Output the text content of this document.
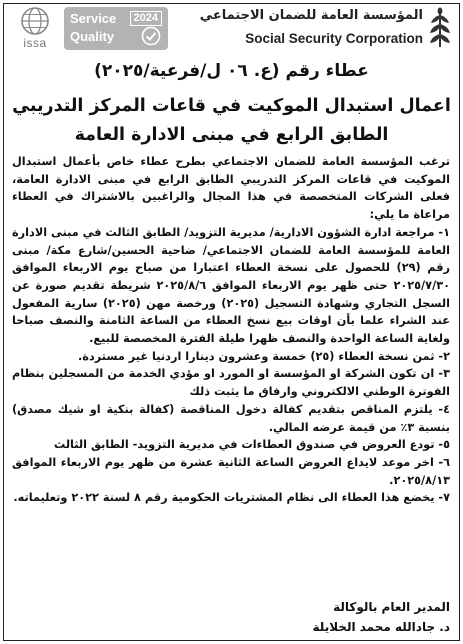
issa
Service
Quality
2024	المؤسسة العامة للضمان الاجتماعي
Social Security Corporation
عطاء رقم (ع. ٠٦ ل/فرعية/٢٠٢٥)
اعمال استبدال الموكيت في قاعات المركز التدريبي
الطابق الرابع في مبنى الادارة العامة

ترغب المؤسسة العامة للضمان الاجتماعي بطرح عطاء خاص بأعمال استبدال الموكيت في قاعات المركز التدريبي الطابق الرابع في مبنى الادارة العامة، فعلى الشركات المتخصصة في هذا المجال والراغبين بالاشتراك في العطاء مراعاة ما يلي:

١- مراجعة ادارة الشؤون الادارية/ مديرية التزويد/ الطابق الثالث في مبنى الادارة العامة للمؤسسة العامة للضمان الاجتماعي/ ضاحية الحسين/شارع مكة/ مبنى رقم (٢٩) للحصول على نسخة العطاء اعتبارا من صباح يوم الاربعاء الموافق ٢٠٢٥/٧/٣٠ حتى ظهر يوم الاربعاء الموافق ٢٠٢٥/٨/٦ شريطة تقديم صورة عن السجل التجاري وشهادة التسجيل (٢٠٢٥) ورخصة مهن (٢٠٢٥) سارية المفعول عند الشراء علما بأن اوقات بيع نسخ العطاء من الساعة الثامنة والنصف صباحا ولغاية الساعة الواحدة والنصف ظهرا طيلة الفترة المخصصة للبيع.

٢- ثمن نسخة العطاء (٢٥) خمسة وعشرون دينارا اردنيا غير مستردة.

٣- ان تكون الشركة او المؤسسة او المورد او مؤدي الخدمة من المسجلين بنظام الفوترة الوطني الالكتروني وارفاق ما يثبت ذلك

٤- يلتزم المناقص بتقديم كفالة دخول المناقصة (كفالة بنكية او شيك مصدق) بنسبة ٣٪ من قيمة عرضه المالي.

٥- تودع العروض في صندوق العطاءات في مديرية التزويد- الطابق الثالث

٦- اخر موعد لايداع العروض الساعة الثانية عشرة من ظهر يوم الاربعاء الموافق ٢٠٢٥/٨/١٣.

٧- يخضع هذا العطاء الى نظام المشتريات الحكومية رقم ٨ لسنة ٢٠٢٢ وتعليماته.

المدير العام بالوكالة
د. جادالله محمد الخلايلة
